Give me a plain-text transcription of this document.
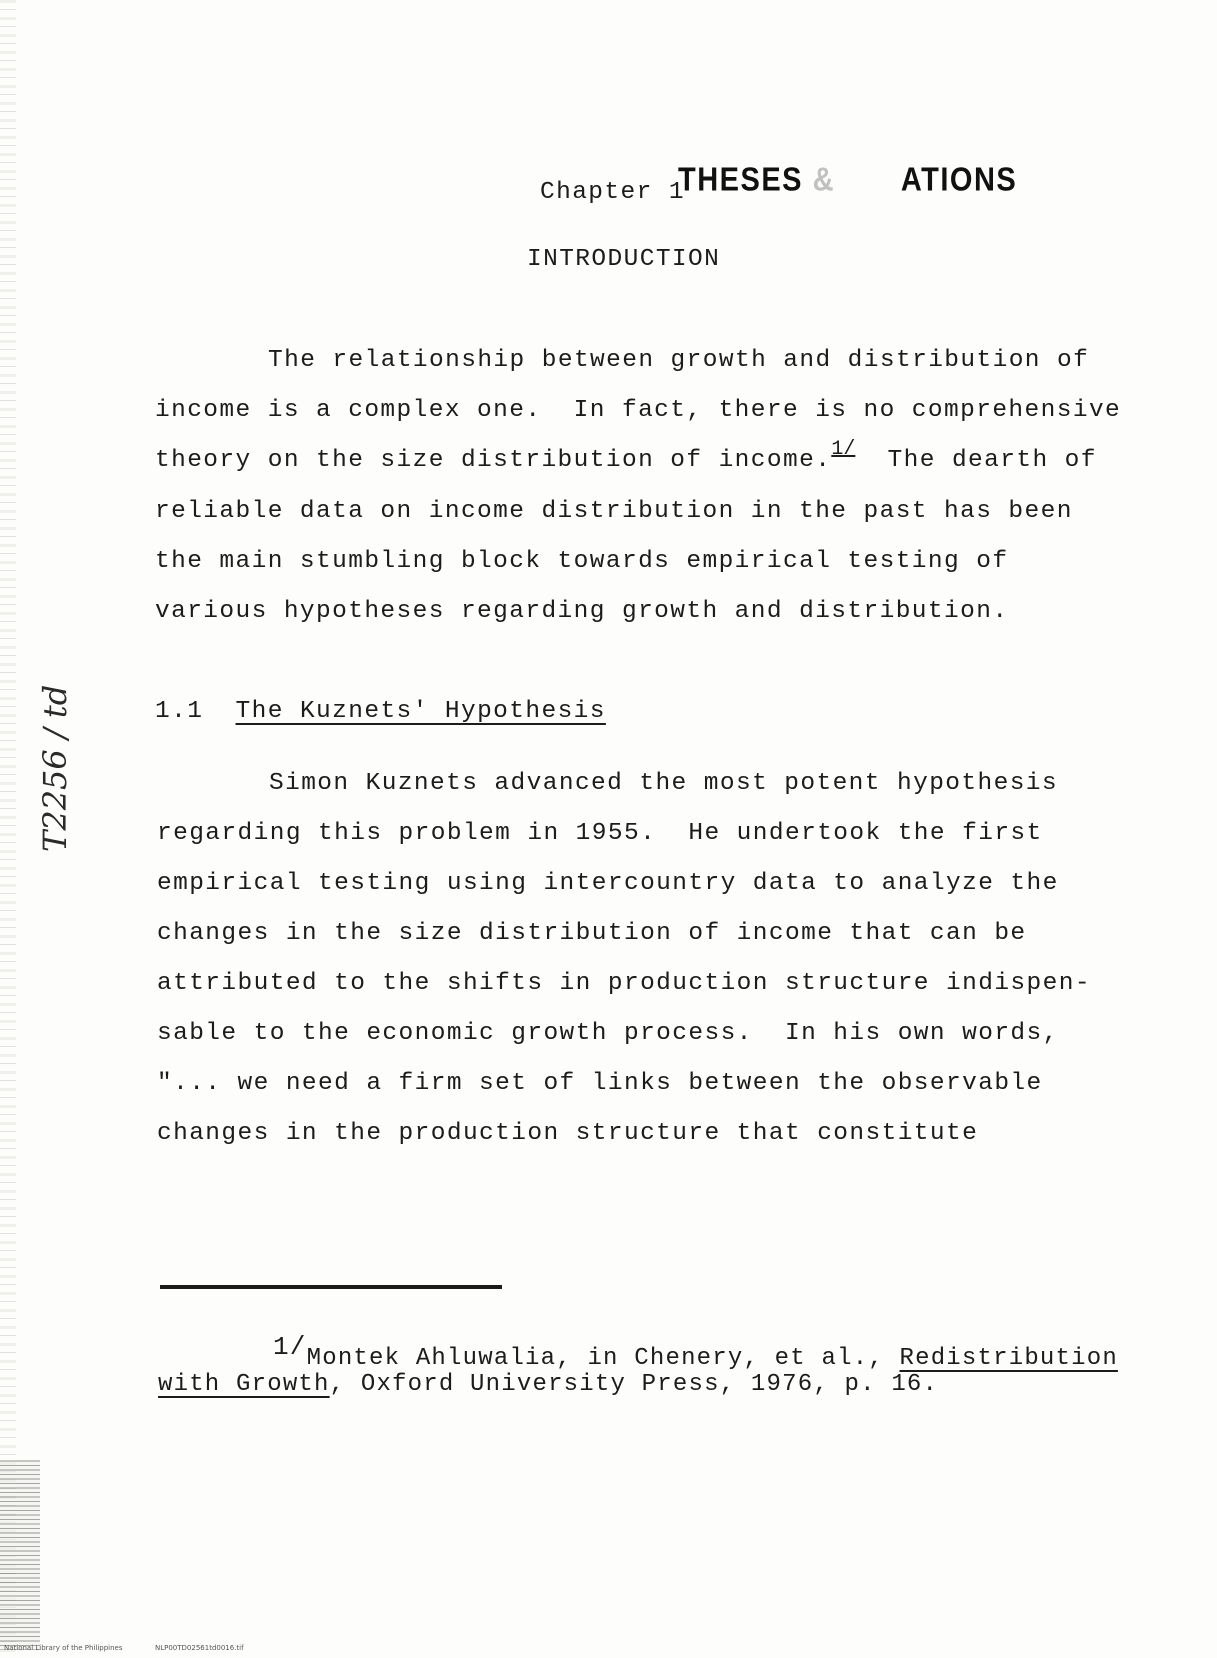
Chapter 1
THESES &       ATIONS
INTRODUCTION
The relationship between growth and distribution of
income is a complex one.  In fact, there is no comprehensive
theory on the size distribution of income.$^{1/}$  The dearth of
reliable data on income distribution in the past has been
the main stumbling block towards empirical testing of
various hypotheses regarding growth and distribution.
1.1 The Kuznets' Hypothesis
Simon Kuznets advanced the most potent hypothesis
regarding this problem in 1955.  He undertook the first
empirical testing using intercountry data to analyze the
changes in the size distribution of income that can be
attributed to the shifts in production structure indispen-
sable to the economic growth process.  In his own words,
"... we need a firm set of links between the observable
changes in the production structure that constitute
1/Montek Ahluwalia, in Chenery, et al., Redistribution
with Growth, Oxford University Press, 1976, p. 16.
T2256 / td
National Library of the Philippines	NLP00TD02561td0016.tif
